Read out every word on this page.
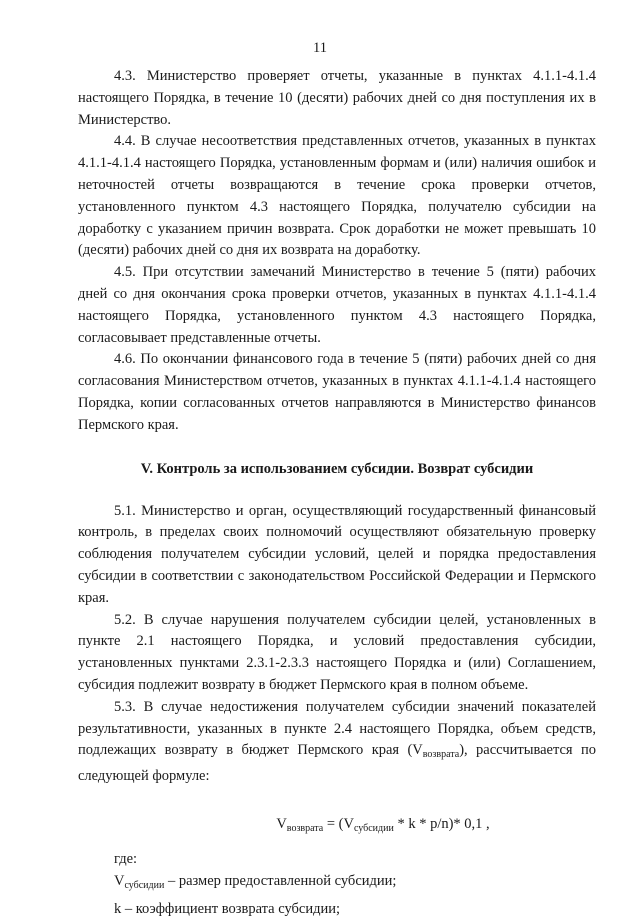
11

4.3. Министерство проверяет отчеты, указанные в пунктах 4.1.1-4.1.4 настоящего Порядка, в течение 10 (десяти) рабочих дней со дня поступления их в Министерство.

4.4. В случае несоответствия представленных отчетов, указанных в пунктах 4.1.1-4.1.4 настоящего Порядка, установленным формам и (или) наличия ошибок и неточностей отчеты возвращаются в течение срока проверки отчетов, установленного пунктом 4.3 настоящего Порядка, получателю субсидии на доработку с указанием причин возврата. Срок доработки не может превышать 10 (десяти) рабочих дней со дня их возврата на доработку.

4.5. При отсутствии замечаний Министерство в течение 5 (пяти) рабочих дней со дня окончания срока проверки отчетов, указанных в пунктах 4.1.1-4.1.4 настоящего Порядка, установленного пунктом 4.3 настоящего Порядка, согласовывает представленные отчеты.

4.6. По окончании финансового года в течение 5 (пяти) рабочих дней со дня согласования Министерством отчетов, указанных в пунктах 4.1.1-4.1.4 настоящего Порядка, копии согласованных отчетов направляются в Министерство финансов Пермского края.

V. Контроль за использованием субсидии. Возврат субсидии

5.1. Министерство и орган, осуществляющий государственный финансовый контроль, в пределах своих полномочий осуществляют обязательную проверку соблюдения получателем субсидии условий, целей и порядка предоставления субсидии в соответствии с законодательством Российской Федерации и Пермского края.

5.2. В случае нарушения получателем субсидии целей, установленных в пункте 2.1 настоящего Порядка, и условий предоставления субсидии, установленных пунктами 2.3.1-2.3.3 настоящего Порядка и (или) Соглашением, субсидия подлежит возврату в бюджет Пермского края в полном объеме.

5.3. В случае недостижения получателем субсидии значений показателей результативности, указанных в пункте 2.4 настоящего Порядка, объем средств, подлежащих возврату в бюджет Пермского края $(V_{возврата})$, рассчитывается по следующей формуле:

$V_{возврата} = (V_{субсидии} * k * p/n)*$ 0,1 ,

где:

$V_{субсидии}$ – размер предоставленной субсидии;

k – коэффициент возврата субсидии;
